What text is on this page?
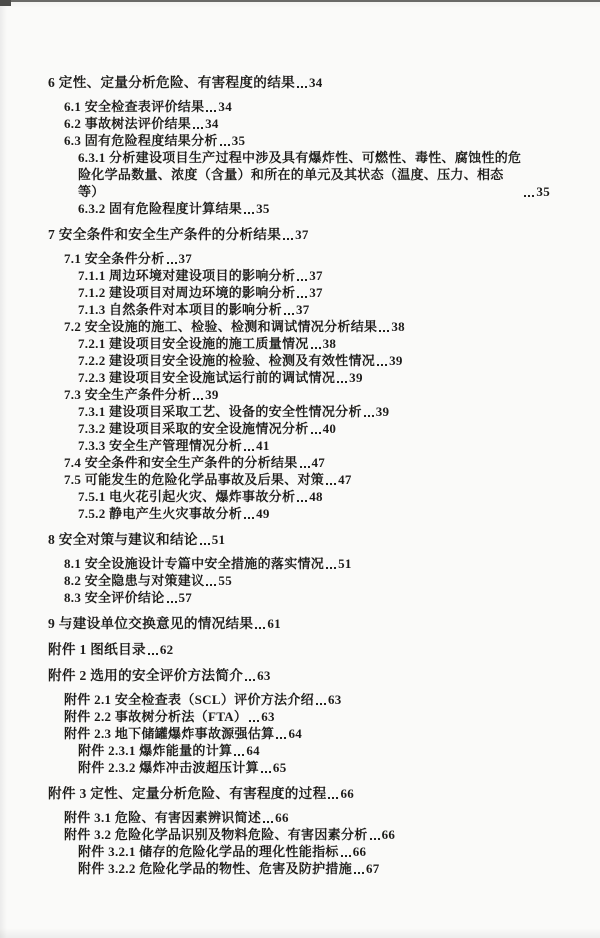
6 定性、定量分析危险、有害程度的结果 34
6.1 安全检查表评价结果 34
6.2 事故树法评价结果 34
6.3 固有危险程度结果分析 35
6.3.1 分析建设项目生产过程中涉及具有爆炸性、可燃性、毒性、腐蚀性的危险化学品数量、浓度（含量）和所在的单元及其状态（温度、压力、相态等）	35
6.3.2 固有危险程度计算结果 35
7 安全条件和安全生产条件的分析结果 37
7.1 安全条件分析 37
7.1.1 周边环境对建设项目的影响分析 37
7.1.2 建设项目对周边环境的影响分析 37
7.1.3 自然条件对本项目的影响分析 37
7.2 安全设施的施工、检验、检测和调试情况分析结果 38
7.2.1 建设项目安全设施的施工质量情况 38
7.2.2 建设项目安全设施的检验、检测及有效性情况 39
7.2.3 建设项目安全设施试运行前的调试情况 39
7.3 安全生产条件分析 39
7.3.1 建设项目采取工艺、设备的安全性情况分析 39
7.3.2 建设项目采取的安全设施情况分析 40
7.3.3 安全生产管理情况分析 41
7.4 安全条件和安全生产条件的分析结果 47
7.5 可能发生的危险化学品事故及后果、对策 47
7.5.1 电火花引起火灾、爆炸事故分析 48
7.5.2 静电产生火灾事故分析 49
8 安全对策与建议和结论 51
8.1 安全设施设计专篇中安全措施的落实情况 51
8.2 安全隐患与对策建议 55
8.3 安全评价结论 57
9 与建设单位交换意见的情况结果 61
附件 1 图纸目录 62
附件 2 选用的安全评价方法简介 63
附件 2.1 安全检查表（SCL）评价方法介绍 63
附件 2.2 事故树分析法（FTA） 63
附件 2.3 地下储罐爆炸事故源强估算 64
附件 2.3.1 爆炸能量的计算 64
附件 2.3.2 爆炸冲击波超压计算 65
附件 3 定性、定量分析危险、有害程度的过程 66
附件 3.1 危险、有害因素辨识简述 66
附件 3.2 危险化学品识别及物料危险、有害因素分析 66
附件 3.2.1 储存的危险化学品的理化性能指标 66
附件 3.2.2 危险化学品的物性、危害及防护措施 67
